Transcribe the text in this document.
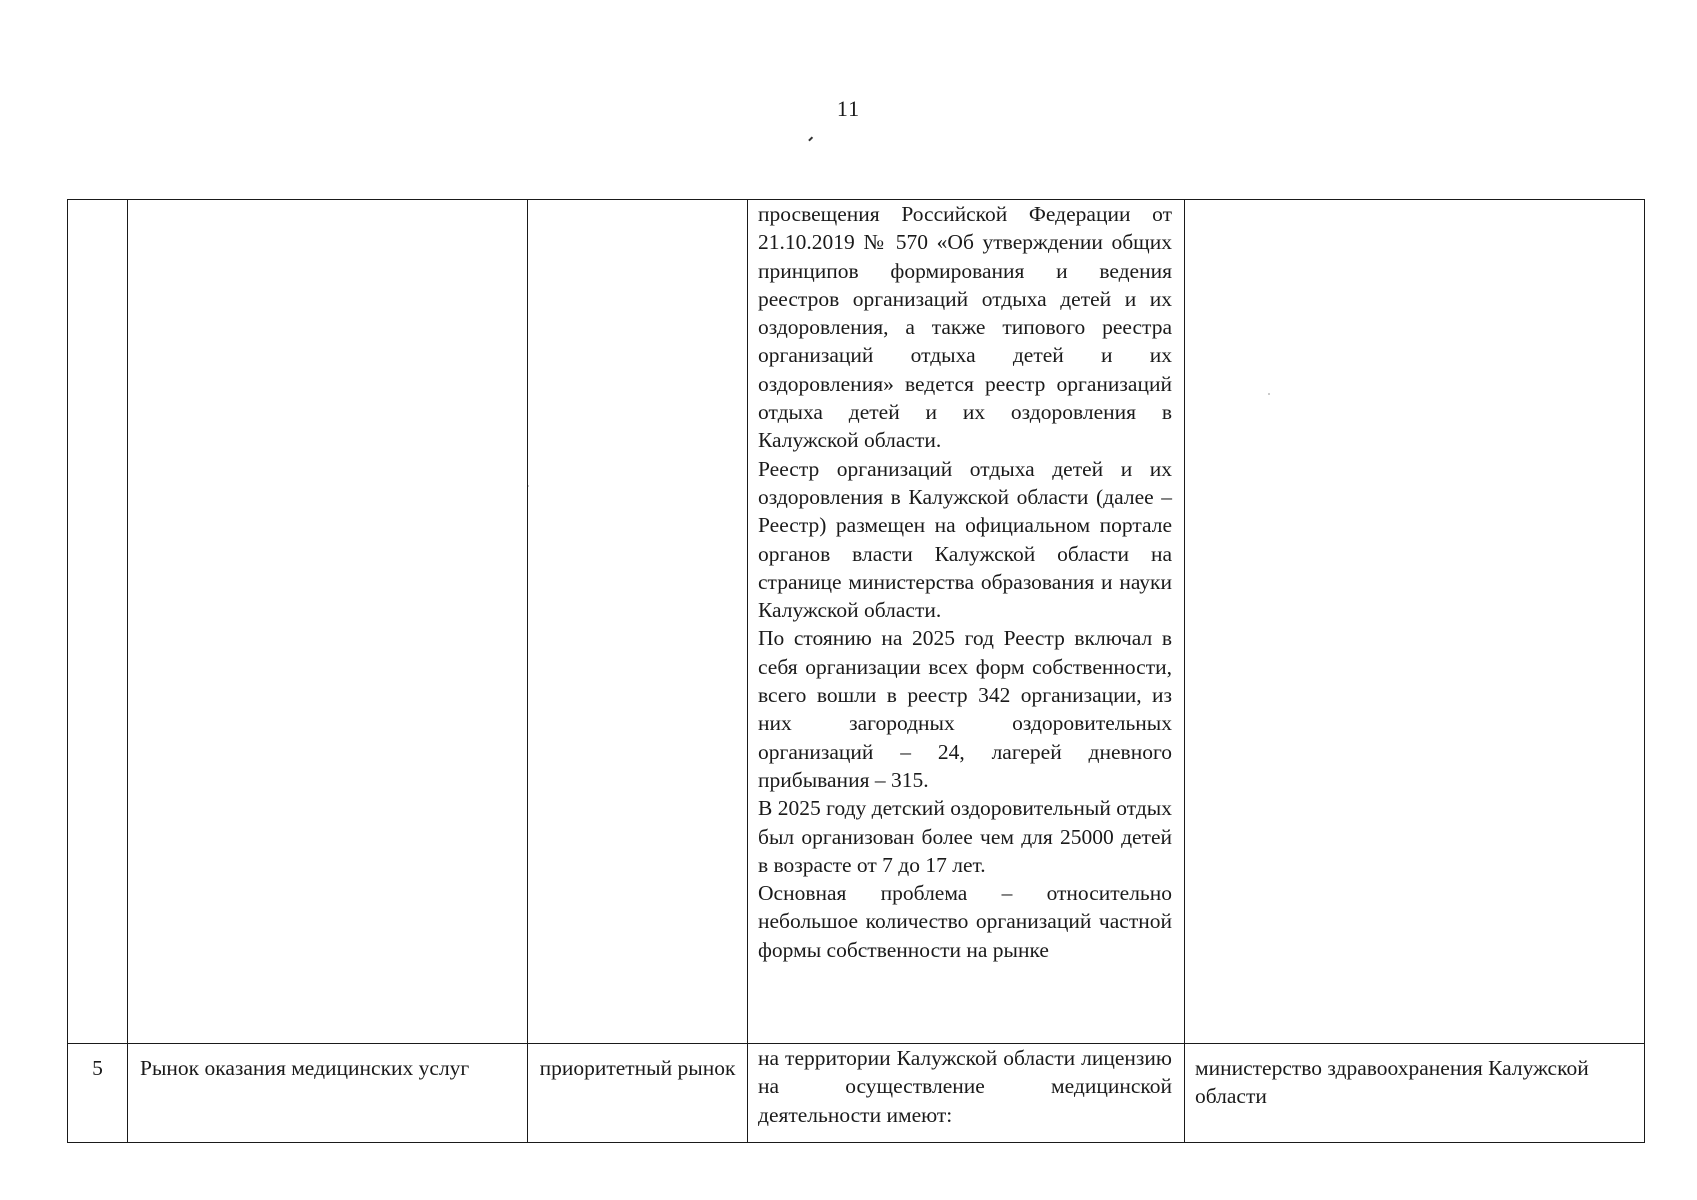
11

			просвещения Российской Федерации от 21.10.2019 № 570 «Об утверждении общих принципов формирования и ведения реестров организаций отдыха детей и их оздоровления, а также типового реестра организаций отдыха детей и их оздоровления» ведется реестр организаций отдыха детей и их оздоровления в Калужской области.

Реестр организаций отдыха детей и их оздоровления в Калужской области (далее – Реестр) размещен на официальном портале органов власти Калужской области на странице министерства образования и науки Калужской области.

По стоянию на 2025 год Реестр включал в себя организации всех форм собственности, всего вошли в реестр 342 организации, из них загородных оздоровительных организаций – 24, лагерей дневного прибывания – 315.

В 2025 году детский оздоровительный отдых был организован более чем для 25000 детей в возрасте от 7 до 17 лет.

Основная проблема – относительно небольшое количество организаций частной формы собственности на рынке	

5	Рынок оказания медицинских услуг	приоритетный рынок	на территории Калужской области лицензию на осуществление медицинской деятельности имеют:	министерство здравоохранения Калужской области
